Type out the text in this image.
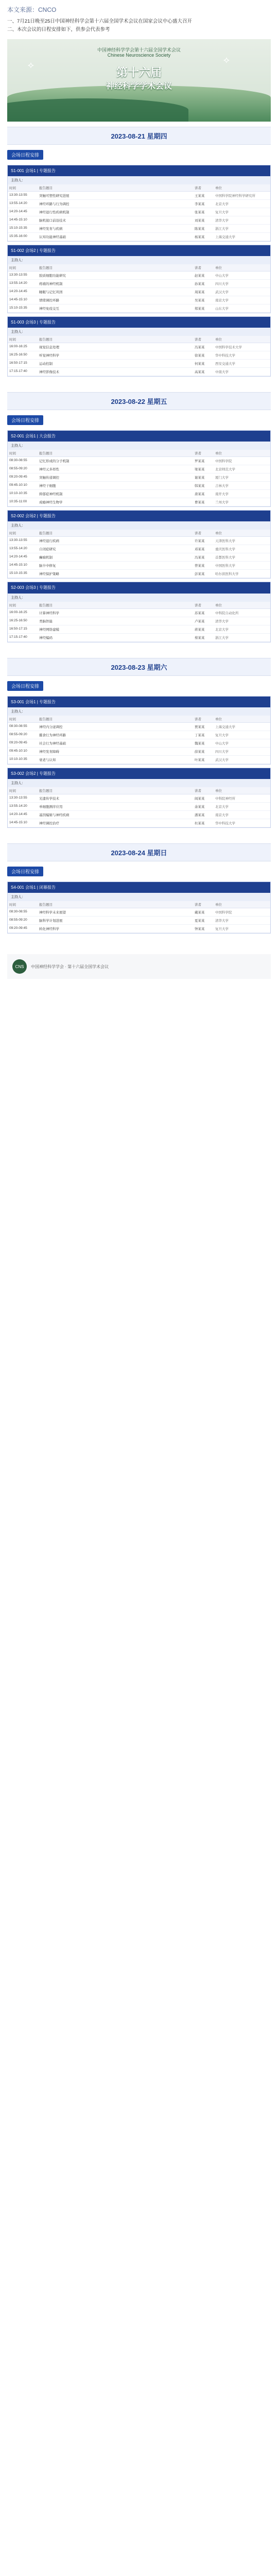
本文来源：CNCO

一、7月21日晚至25日中国神经科学会第十六届全国学术会议在国家会议中心盛大召开

二、本次会议的日程安排如下，供参会代表参考

⟡	⟡
中国神经科学学会第十六届全国学术会议
Chinese Neuroscience Society
第十六届
神经科学学术会议
2023-08-21 星期四
会场日程安排
S1-001 会场1 | 专题报告
主持人：
时间	报告题目	讲者	单位
13:30-13:55	突触可塑性研究进展	王某某	中国科学院神经科学研究所
13:55-14:20	神经环路与行为调控	李某某	北京大学
14:20-14:45	神经退行性疾病机制	张某某	复旦大学
14:45-15:10	脑机接口前沿技术	刘某某	清华大学
15:10-15:35	神经发育与疾病	陈某某	浙江大学
15:35-16:00	认知功能神经基础	杨某某	上海交通大学
S1-002 会场2 | 专题报告
主持人：
时间	报告题目	讲者	单位
13:30-13:55	胶质细胞功能研究	赵某某	中山大学
13:55-14:20	疼痛的神经机制	孙某某	四川大学
14:20-14:45	睡眠与记忆巩固	周某某	武汉大学
14:45-15:10	情绪调控环路	吴某某	南京大学
15:10-15:35	神经免疫交互	郑某某	山东大学
S1-003 会场3 | 专题报告
主持人：
时间	报告题目	讲者	单位
16:00-16:25	视觉信息处理	冯某某	中国科学技术大学
16:25-16:50	听觉神经科学	徐某某	华中科技大学
16:50-17:15	运动控制	何某某	西安交通大学
17:15-17:40	神经影像技术	高某某	中南大学
2023-08-22 星期五
会场日程安排
S2-001 会场1 | 大会报告
主持人：
时间	报告题目	讲者	单位
08:30-08:55	记忆形成的分子机制	罗某某	中国科学院
08:55-09:20	神经元多样性	梁某某	北京师范大学
09:20-09:45	突触传递调控	谢某某	厦门大学
09:45-10:10	神经干细胞	韩某某	吉林大学
10:10-10:35	抑郁症神经机制	唐某某	南开大学
10:35-11:00	成瘾神经生物学	曹某某	兰州大学
S2-002 会场2 | 专题报告
主持人：
时间	报告题目	讲者	单位
13:30-13:55	神经退行疾病	许某某	天津医科大学
13:55-14:20	自闭症研究	邓某某	重庆医科大学
14:20-14:45	癫痫机制	冯某某	首都医科大学
14:45-15:10	脑卒中修复	曾某某	中国医科大学
15:10-15:35	神经保护策略	彭某某	哈尔滨医科大学
S2-003 会场3 | 专题报告
主持人：
时间	报告题目	讲者	单位
16:00-16:25	计算神经科学	苏某某	中科院自动化所
16:25-16:50	类脑智能	卢某某	清华大学
16:50-17:15	神经网络建模	蒋某某	北京大学
17:15-17:40	神经编码	蔡某某	浙江大学
2023-08-23 星期六
会场日程安排
S3-001 会场1 | 专题报告
主持人：
时间	报告题目	讲者	单位
08:30-08:55	神经内分泌调控	贾某某	上海交通大学
08:55-09:20	摄食行为神经环路	丁某某	复旦大学
09:20-09:45	社会行为神经基础	魏某某	中山大学
09:45-10:10	神经发育障碍	薛某某	四川大学
10:10-10:35	衰老与认知	叶某某	武汉大学
S3-002 会场2 | 专题报告
主持人：
时间	报告题目	讲者	单位
13:30-13:55	光遗传学技术	阎某某	中科院神经所
13:55-14:20	单细胞测序应用	余某某	北京大学
14:20-14:45	基因编辑与神经疾病	潘某某	南京大学
14:45-15:10	神经调控治疗	杜某某	华中科技大学
2023-08-24 星期日
会场日程安排
S4-001 会场1 | 闭幕报告
主持人：
时间	报告题目	讲者	单位
08:30-08:55	神经科学未来展望	戴某某	中国科学院
08:55-09:20	脑科学计划进展	夏某某	清华大学
09:20-09:45	转化神经科学	钟某某	复旦大学
CNS	中国神经科学学会 · 第十六届全国学术会议
